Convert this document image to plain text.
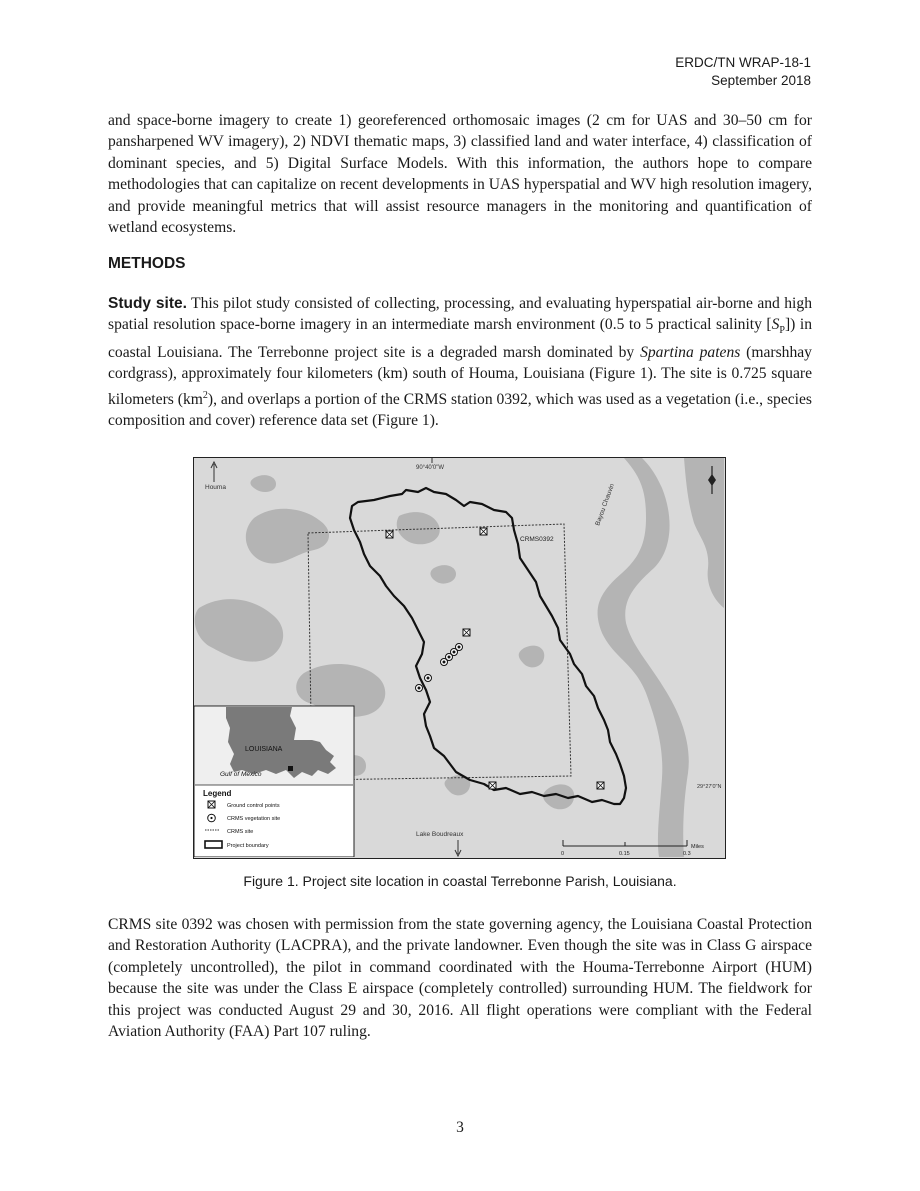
ERDC/TN WRAP-18-1
September 2018

and space-borne imagery to create 1) georeferenced orthomosaic images (2 cm for UAS and 30–50 cm for pansharpened WV imagery), 2) NDVI thematic maps, 3) classified land and water interface, 4) classification of dominant species, and 5) Digital Surface Models. With this information, the authors hope to compare methodologies that can capitalize on recent developments in UAS hyperspatial and WV high resolution imagery, and provide meaningful metrics that will assist resource managers in the monitoring and quantification of wetland ecosystems.

METHODS

Study site. This pilot study consisted of collecting, processing, and evaluating hyperspatial air-borne and high spatial resolution space-borne imagery in an intermediate marsh environment (0.5 to 5 practical salinity $[S_P]$) in coastal Louisiana. The Terrebonne project site is a degraded marsh dominated by Spartina patens (marshhay cordgrass), approximately four kilometers (km) south of Houma, Louisiana (Figure 1). The site is 0.725 square kilometers $(km^2)$, and overlaps a portion of the CRMS station 0392, which was used as a vegetation (i.e., species composition and cover) reference data set (Figure 1).

90°40'0"W
Houma	Bayou Chauvin
CRMS0392
29°27'0"N
Lake Boudreaux
0	0.15	0.3
Miles
LOUISIANA
Gulf of Mexico
Legend
Ground control points
CRMS vegetation site
CRMS site
Project boundary

Figure 1. Project site location in coastal Terrebonne Parish, Louisiana.

CRMS site 0392 was chosen with permission from the state governing agency, the Louisiana Coastal Protection and Restoration Authority (LACPRA), and the private landowner. Even though the site was in Class G airspace (completely uncontrolled), the pilot in command coordinated with the Houma-Terrebonne Airport (HUM) because the site was under the Class E airspace (completely controlled) surrounding HUM. The fieldwork for this project was conducted August 29 and 30, 2016. All flight operations were compliant with the Federal Aviation Authority (FAA) Part 107 ruling.

3
